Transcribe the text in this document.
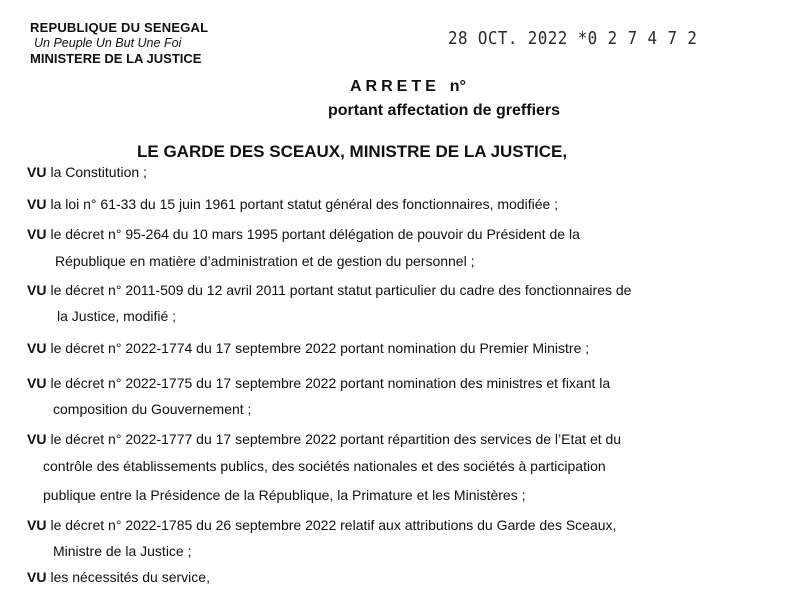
REPUBLIQUE DU SENEGAL
Un Peuple Un But Une Foi
MINISTERE DE LA JUSTICE
28 OCT. 2022 *0 2 7 4 7 2
ARRETE n°
portant affectation de greffiers
LE GARDE DES SCEAUX, MINISTRE DE LA JUSTICE,
VU la Constitution ;
VU la loi n° 61-33 du 15 juin 1961 portant statut général des fonctionnaires, modifiée ;
VU le décret n° 95-264 du 10 mars 1995 portant délégation de pouvoir du Président de la
République en matière d’administration et de gestion du personnel ;
VU le décret n° 2011-509 du 12 avril 2011 portant statut particulier du cadre des fonctionnaires de
la Justice, modifié ;
VU le décret n° 2022-1774 du 17 septembre 2022 portant nomination du Premier Ministre ;
VU le décret n° 2022-1775 du 17 septembre 2022 portant nomination des ministres et fixant la
composition du Gouvernement ;
VU le décret n° 2022-1777 du 17 septembre 2022 portant répartition des services de l’Etat et du
contrôle des établissements publics, des sociétés nationales et des sociétés à participation
publique entre la Présidence de la République, la Primature et les Ministères ;
VU le décret n° 2022-1785 du 26 septembre 2022 relatif aux attributions du Garde des Sceaux,
Ministre de la Justice ;
VU les nécessités du service,
